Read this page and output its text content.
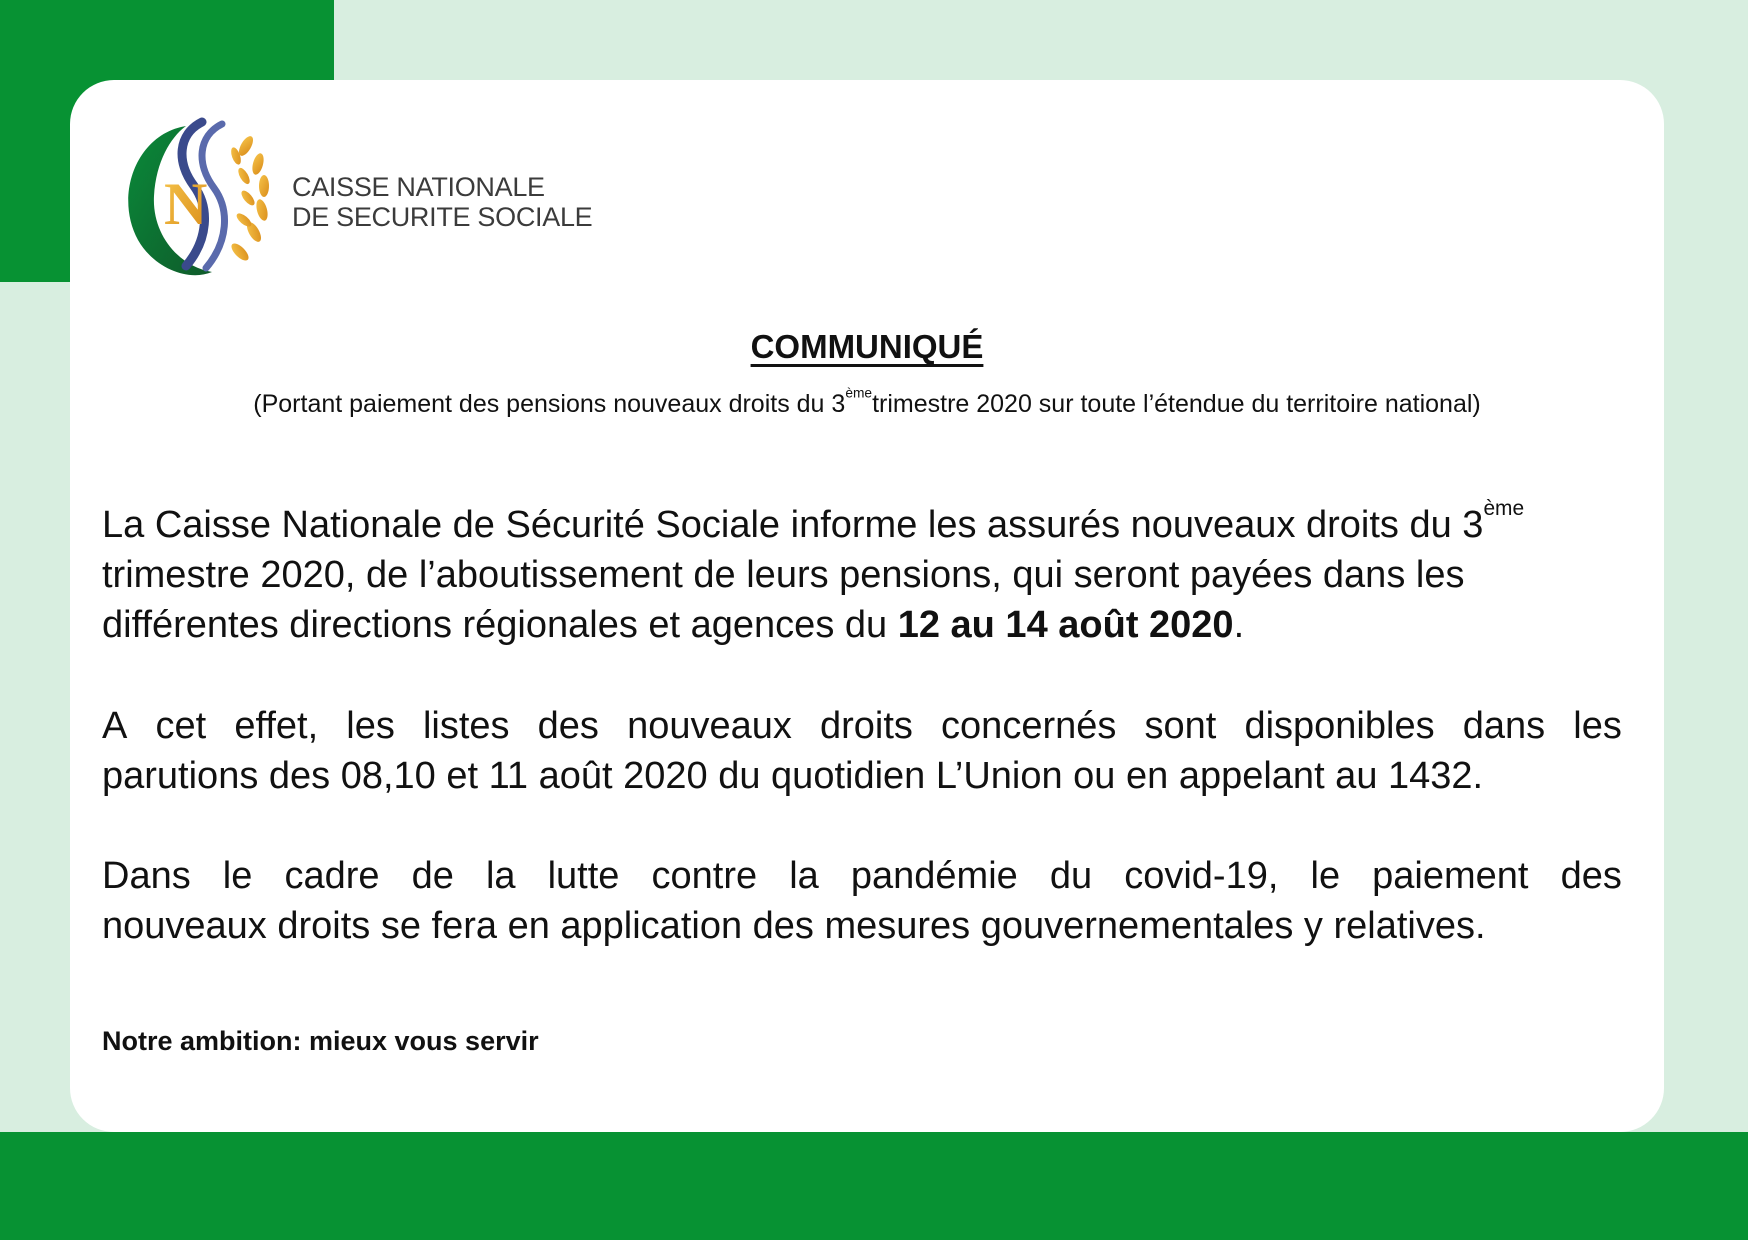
N	CAISSE NATIONALE
DE SECURITE SOCIALE
COMMUNIQUÉ
(Portant paiement des pensions nouveaux droits du 3èmetrimestre 2020 sur toute l’étendue du territoire national)
La Caisse Nationale de Sécurité Sociale informe les assurés nouveaux droits du 3ème
trimestre 2020, de l’aboutissement de leurs pensions, qui seront payées dans les
différentes directions régionales et agences du 12 au 14 août 2020.
A cet effet, les listes des nouveaux droits concernés sont disponibles dans les
parutions des 08,10 et 11 août 2020 du quotidien L’Union ou en appelant au 1432.
Dans le cadre de la lutte contre la pandémie du covid-19, le paiement des
nouveaux droits se fera en application des mesures gouvernementales y relatives.
Notre ambition: mieux vous servir
